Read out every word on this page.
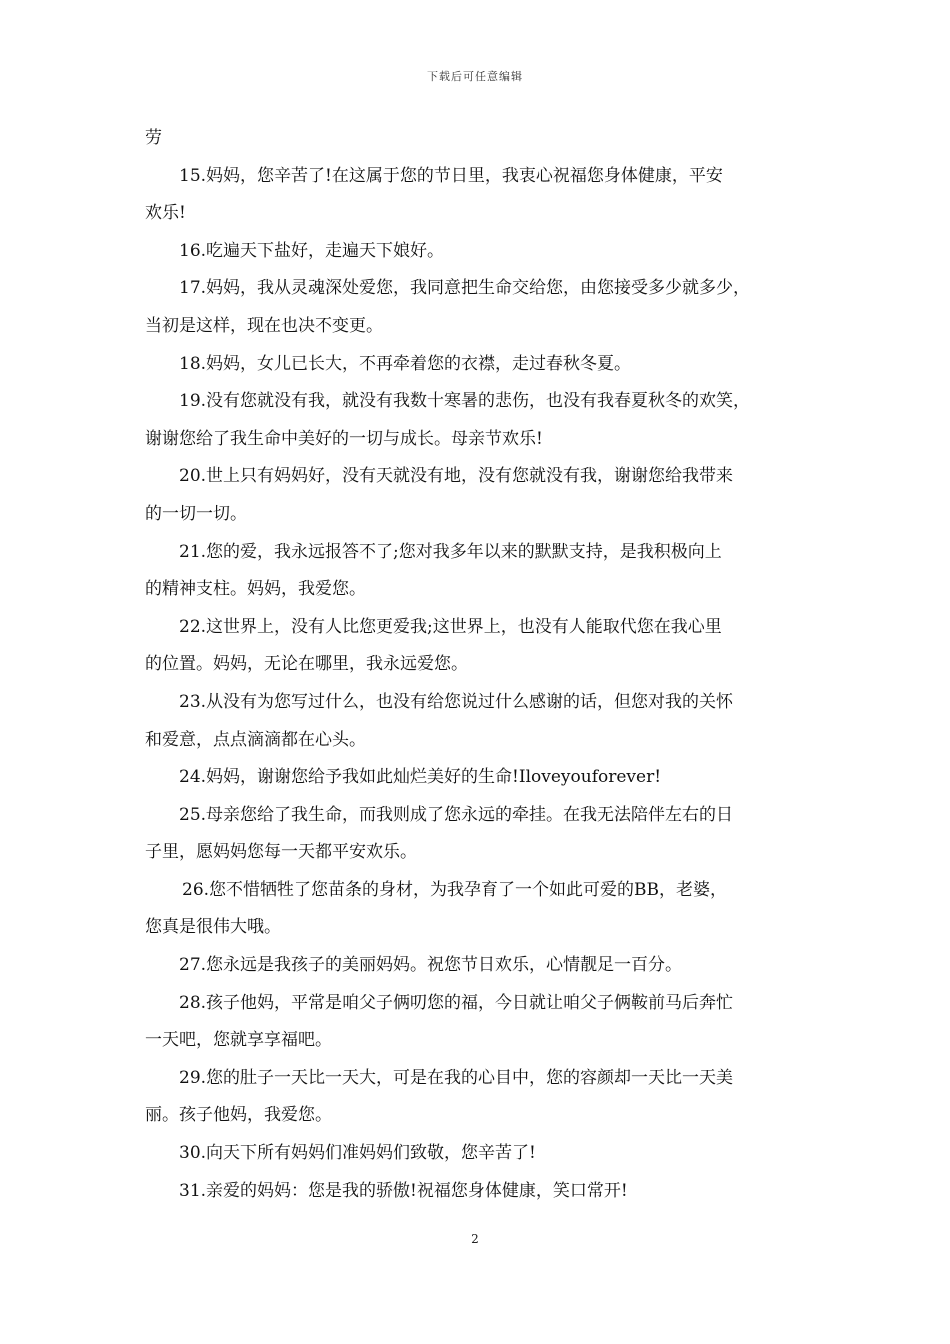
下载后可任意编辑
劳
15.妈妈，您辛苦了!在这属于您的节日里，我衷心祝福您身体健康，平安
欢乐!
16.吃遍天下盐好，走遍天下娘好。
17.妈妈，我从灵魂深处爱您，我同意把生命交给您，由您接受多少就多少，
当初是这样，现在也决不变更。
18.妈妈，女儿已长大，不再牵着您的衣襟，走过春秋冬夏。
19.没有您就没有我，就没有我数十寒暑的悲伤，也没有我春夏秋冬的欢笑，
谢谢您给了我生命中美好的一切与成长。母亲节欢乐!
20.世上只有妈妈好，没有天就没有地，没有您就没有我，谢谢您给我带来
的一切一切。
21.您的爱，我永远报答不了;您对我多年以来的默默支持，是我积极向上
的精神支柱。妈妈，我爱您。
22.这世界上，没有人比您更爱我;这世界上，也没有人能取代您在我心里
的位置。妈妈，无论在哪里，我永远爱您。
23.从没有为您写过什么，也没有给您说过什么感谢的话，但您对我的关怀
和爱意，点点滴滴都在心头。
24.妈妈，谢谢您给予我如此灿烂美好的生命!Iloveyouforever!
25.母亲您给了我生命，而我则成了您永远的牵挂。在我无法陪伴左右的日
子里，愿妈妈您每一天都平安欢乐。
26.您不惜牺牲了您苗条的身材，为我孕育了一个如此可爱的BB，老婆，
您真是很伟大哦。
27.您永远是我孩子的美丽妈妈。祝您节日欢乐，心情靓足一百分。
28.孩子他妈，平常是咱父子俩叨您的福，今日就让咱父子俩鞍前马后奔忙
一天吧，您就享享福吧。
29.您的肚子一天比一天大，可是在我的心目中，您的容颜却一天比一天美
丽。孩子他妈，我爱您。
30.向天下所有妈妈们准妈妈们致敬，您辛苦了!
31.亲爱的妈妈：您是我的骄傲!祝福您身体健康，笑口常开!
2
